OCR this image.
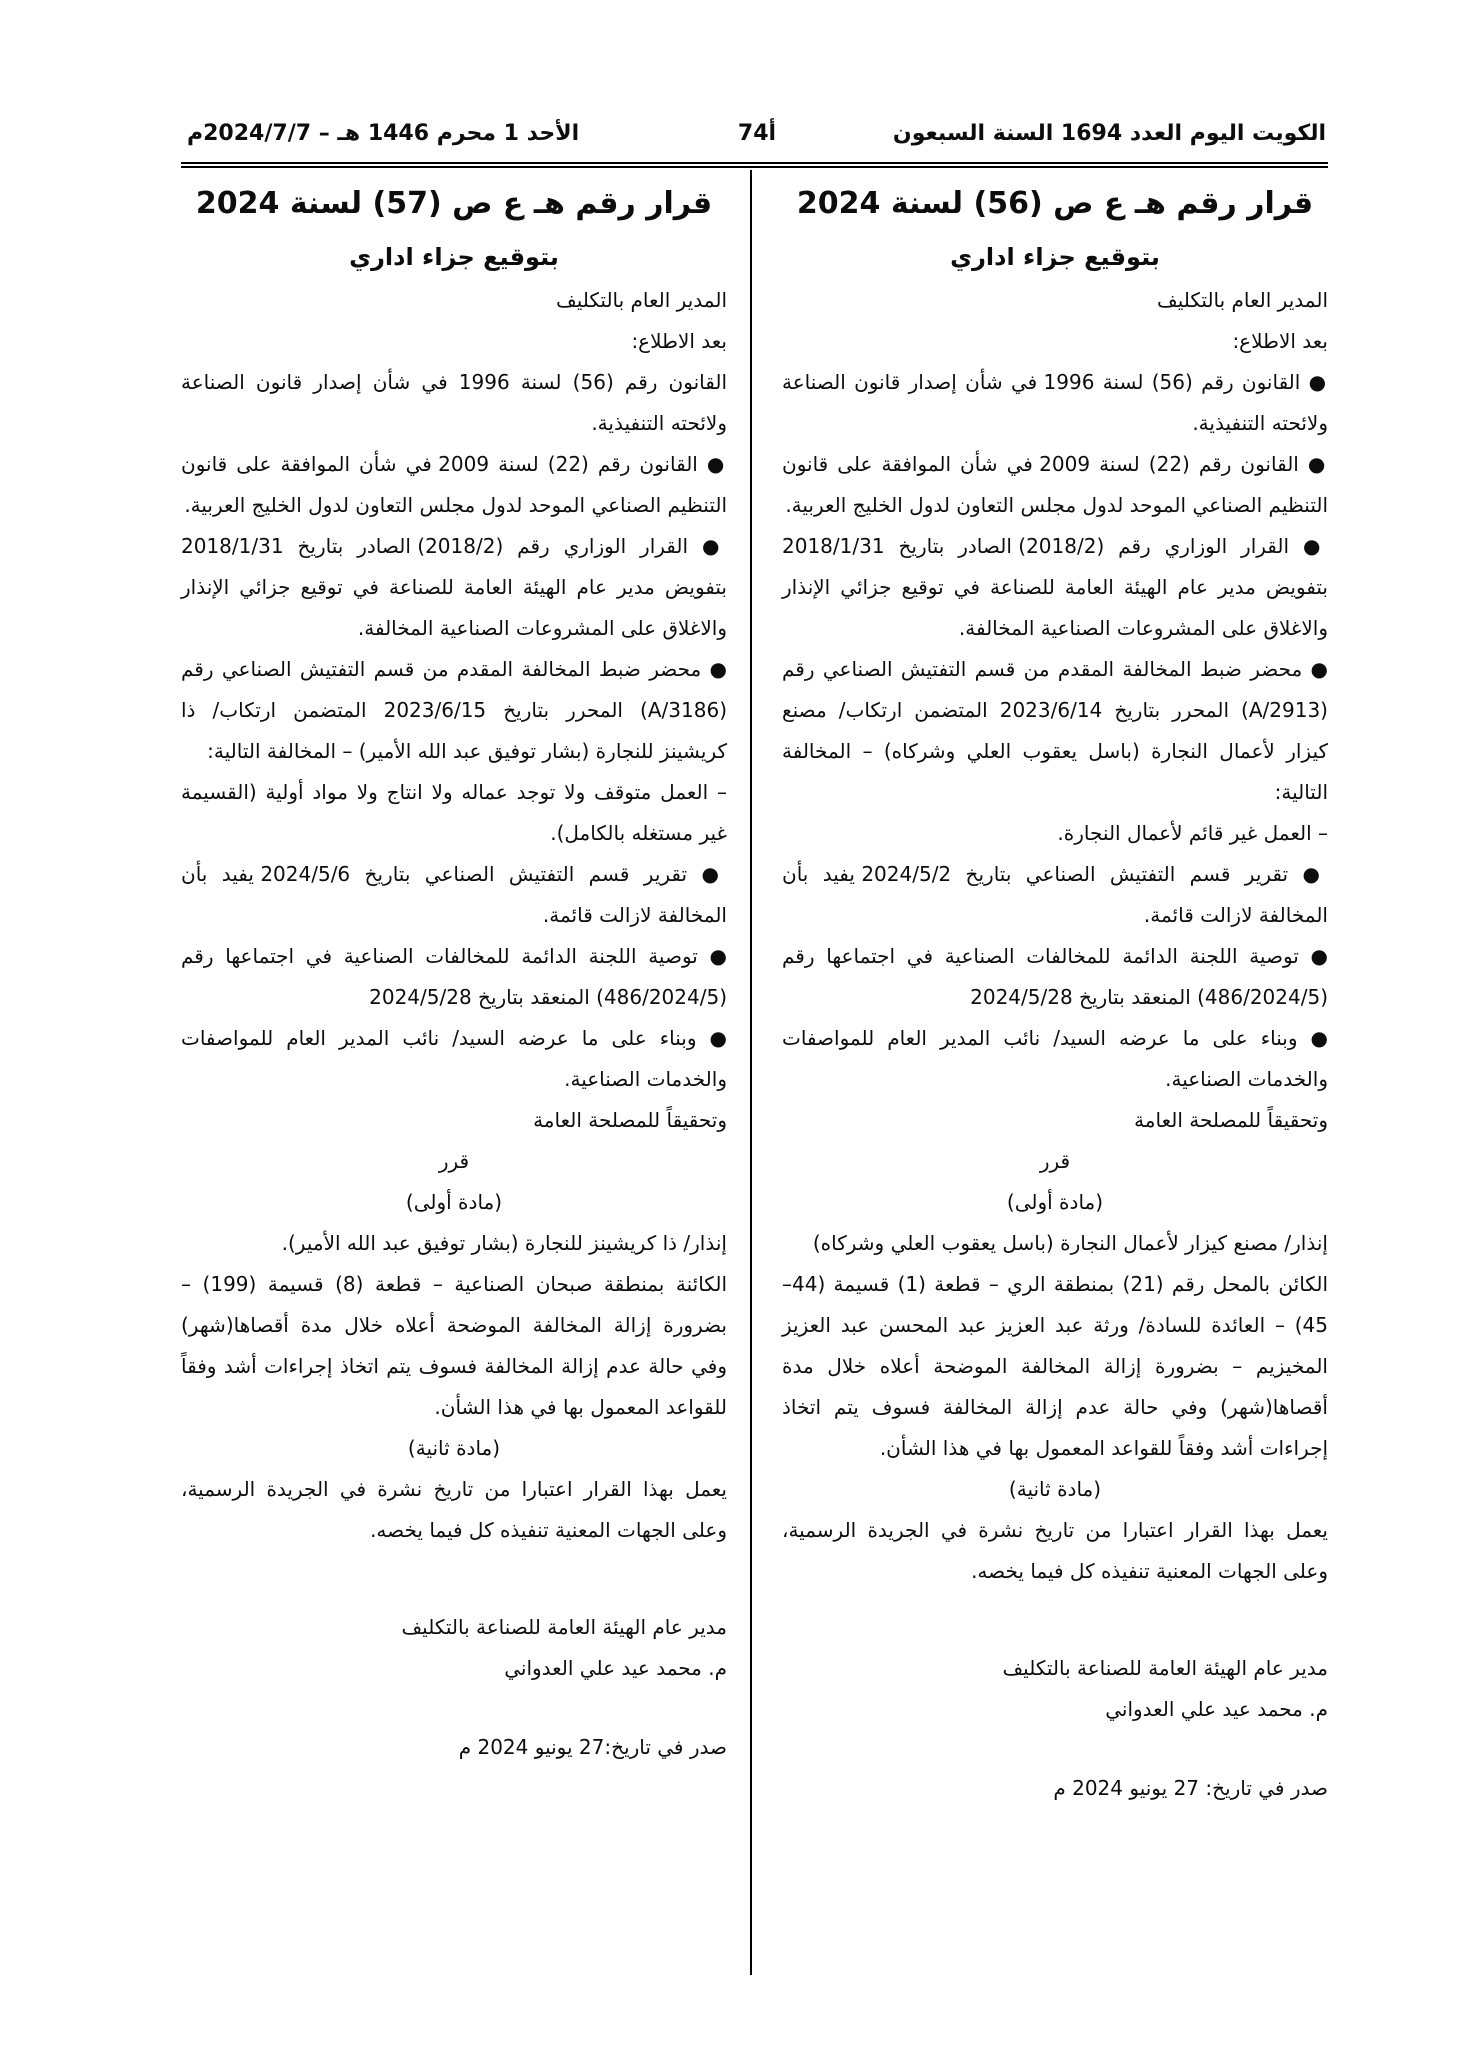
الكويت اليوم العدد 1694 السنة السبعون
74أ
الأحد 1 محرم 1446 هـ – 2024/7/7م
قرار رقم هـ ع ص (56) لسنة 2024
بتوقيع جزاء اداري

المدير العام بالتكليف

بعد الاطلاع:

● القانون رقم (56) لسنة 1996 في شأن إصدار قانون الصناعة ولائحته التنفيذية.

● القانون رقم (22) لسنة 2009 في شأن الموافقة على قانون التنظيم الصناعي الموحد لدول مجلس التعاون لدول الخليج العربية.

● القرار الوزاري رقم (2018/2) الصادر بتاريخ 2018/1/31 بتفويض مدير عام الهيئة العامة للصناعة في توقيع جزائي الإنذار والاغلاق على المشروعات الصناعية المخالفة.

● محضر ضبط المخالفة المقدم من قسم التفتيش الصناعي رقم (A/2913) المحرر بتاريخ 2023/6/14 المتضمن ارتكاب/ مصنع كيزار لأعمال النجارة (باسل يعقوب العلي وشركاه) – المخالفة التالية:

– العمل غير قائم لأعمال النجارة.

● تقرير قسم التفتيش الصناعي بتاريخ 2024/5/2 يفيد بأن المخالفة لازالت قائمة.

● توصية اللجنة الدائمة للمخالفات الصناعية في اجتماعها رقم (486/2024/5) المنعقد بتاريخ 2024/5/28

● وبناء على ما عرضه السيد/ نائب المدير العام للمواصفات والخدمات الصناعية.

وتحقيقاً للمصلحة العامة

قرر

(مادة أولى)

إنذار/ مصنع كيزار لأعمال النجارة (باسل يعقوب العلي وشركاه)

الكائن بالمحل رقم (21) بمنطقة الري – قطعة (1) قسيمة (44–45) – العائدة للسادة/ ورثة عبد العزيز عبد المحسن عبد العزيز المخيزيم – بضرورة إزالة المخالفة الموضحة أعلاه خلال مدة أقصاها(شهر) وفي حالة عدم إزالة المخالفة فسوف يتم اتخاذ إجراءات أشد وفقاً للقواعد المعمول بها في هذا الشأن.

(مادة ثانية)

يعمل بهذا القرار اعتبارا من تاريخ نشرة في الجريدة الرسمية، وعلى الجهات المعنية تنفيذه كل فيما يخصه.

مدير عام الهيئة العامة للصناعة بالتكليف

م. محمد عيد علي العدواني

صدر في تاريخ: 27 يونيو 2024 م

قرار رقم هـ ع ص (57) لسنة 2024
بتوقيع جزاء اداري

المدير العام بالتكليف

بعد الاطلاع:

القانون رقم (56) لسنة 1996 في شأن إصدار قانون الصناعة ولائحته التنفيذية.

● القانون رقم (22) لسنة 2009 في شأن الموافقة على قانون التنظيم الصناعي الموحد لدول مجلس التعاون لدول الخليج العربية.

● القرار الوزاري رقم (2018/2) الصادر بتاريخ 2018/1/31 بتفويض مدير عام الهيئة العامة للصناعة في توقيع جزائي الإنذار والاغلاق على المشروعات الصناعية المخالفة.

● محضر ضبط المخالفة المقدم من قسم التفتيش الصناعي رقم (A/3186) المحرر بتاريخ 2023/6/15 المتضمن ارتكاب/ ذا كريشينز للنجارة (بشار توفيق عبد الله الأمير) – المخالفة التالية:

– العمل متوقف ولا توجد عماله ولا انتاج ولا مواد أولية (القسيمة غير مستغله بالكامل).

● تقرير قسم التفتيش الصناعي بتاريخ 2024/5/6 يفيد بأن المخالفة لازالت قائمة.

● توصية اللجنة الدائمة للمخالفات الصناعية في اجتماعها رقم (486/2024/5) المنعقد بتاريخ 2024/5/28

● وبناء على ما عرضه السيد/ نائب المدير العام للمواصفات والخدمات الصناعية.

وتحقيقاً للمصلحة العامة

قرر

(مادة أولى)

إنذار/ ذا كريشينز للنجارة (بشار توفيق عبد الله الأمير).

الكائنة بمنطقة صبحان الصناعية – قطعة (8) قسيمة (199) – بضرورة إزالة المخالفة الموضحة أعلاه خلال مدة أقصاها(شهر) وفي حالة عدم إزالة المخالفة فسوف يتم اتخاذ إجراءات أشد وفقاً للقواعد المعمول بها في هذا الشأن.

(مادة ثانية)

يعمل بهذا القرار اعتبارا من تاريخ نشرة في الجريدة الرسمية، وعلى الجهات المعنية تنفيذه كل فيما يخصه.

مدير عام الهيئة العامة للصناعة بالتكليف

م. محمد عيد علي العدواني

صدر في تاريخ:27 يونيو 2024 م
